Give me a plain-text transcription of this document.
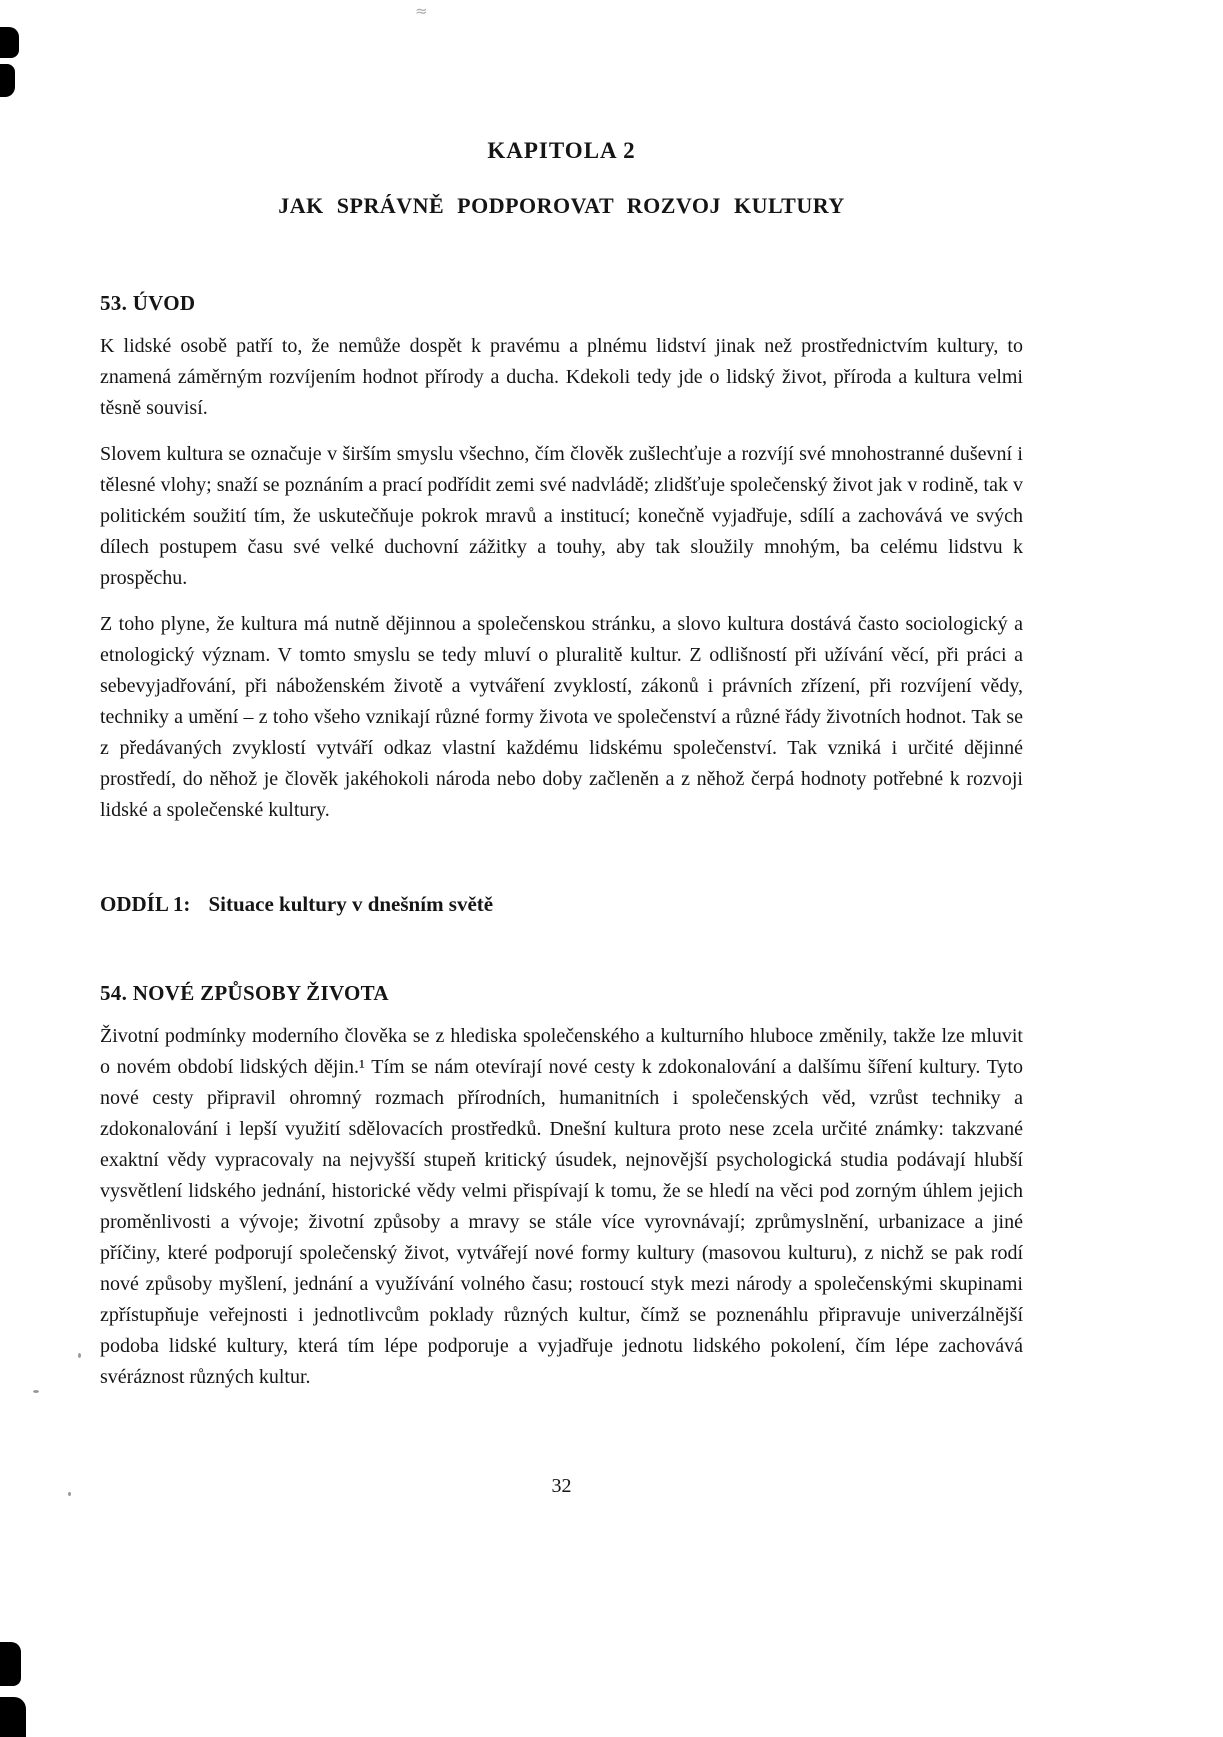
≈
KAPITOLA 2
JAK SPRÁVNĚ PODPOROVAT ROZVOJ KULTURY
53. ÚVOD

K lidské osobě patří to, že nemůže dospět k pravému a plnému lidství jinak než prostřednictvím kultury, to znamená záměrným rozvíjením hodnot přírody a ducha. Kdekoli tedy jde o lidský život, příroda a kultura velmi těsně souvisí.

Slovem kultura se označuje v širším smyslu všechno, čím člověk zušlechťuje a rozvíjí své mnohostranné duševní i tělesné vlohy; snaží se poznáním a prací podřídit zemi své nadvládě; zlidšťuje společenský život jak v rodině, tak v politickém soužití tím, že uskutečňuje pokrok mravů a institucí; konečně vyjadřuje, sdílí a zachovává ve svých dílech postupem času své velké duchovní zážitky a touhy, aby tak sloužily mnohým, ba celému lidstvu k prospěchu.

Z toho plyne, že kultura má nutně dějinnou a společenskou stránku, a slovo kultura dostává často sociologický a etnologický význam. V tomto smyslu se tedy mluví o pluralitě kultur. Z odlišností při užívání věcí, při práci a sebevyjadřování, při náboženském životě a vytváření zvyklostí, zákonů i právních zřízení, při rozvíjení vědy, techniky a umění – z toho všeho vznikají různé formy života ve společenství a různé řády životních hodnot. Tak se z předávaných zvyklostí vytváří odkaz vlastní každému lidskému společenství. Tak vzniká i určité dějinné prostředí, do něhož je člověk jakéhokoli národa nebo doby začleněn a z něhož čerpá hodnoty potřebné k rozvoji lidské a společenské kultury.

ODDÍL 1: Situace kultury v dnešním světě
54. NOVÉ ZPŮSOBY ŽIVOTA

Životní podmínky moderního člověka se z hlediska společenského a kulturního hluboce změnily, takže lze mluvit o novém období lidských dějin.¹ Tím se nám otevírají nové cesty k zdokonalování a dalšímu šíření kultury. Tyto nové cesty připravil ohromný rozmach přírodních, humanitních i společenských věd, vzrůst techniky a zdokonalování i lepší využití sdělovacích prostředků. Dnešní kultura proto nese zcela určité známky: takzvané exaktní vědy vypracovaly na nejvyšší stupeň kritický úsudek, nejnovější psychologická studia podávají hlubší vysvětlení lidského jednání, historické vědy velmi přispívají k tomu, že se hledí na věci pod zorným úhlem jejich proměnlivosti a vývoje; životní způsoby a mravy se stále více vyrovnávají; zprůmyslnění, urbanizace a jiné příčiny, které podporují společenský život, vytvářejí nové formy kultury (masovou kulturu), z nichž se pak rodí nové způsoby myšlení, jednání a využívání volného času; rostoucí styk mezi národy a společenskými skupinami zpřístupňuje veřejnosti i jednotlivcům poklady různých kultur, čímž se poznenáhlu připravuje univerzálnější podoba lidské kultury, která tím lépe podporuje a vyjadřuje jednotu lidského pokolení, čím lépe zachovává svéráznost různých kultur.

32
